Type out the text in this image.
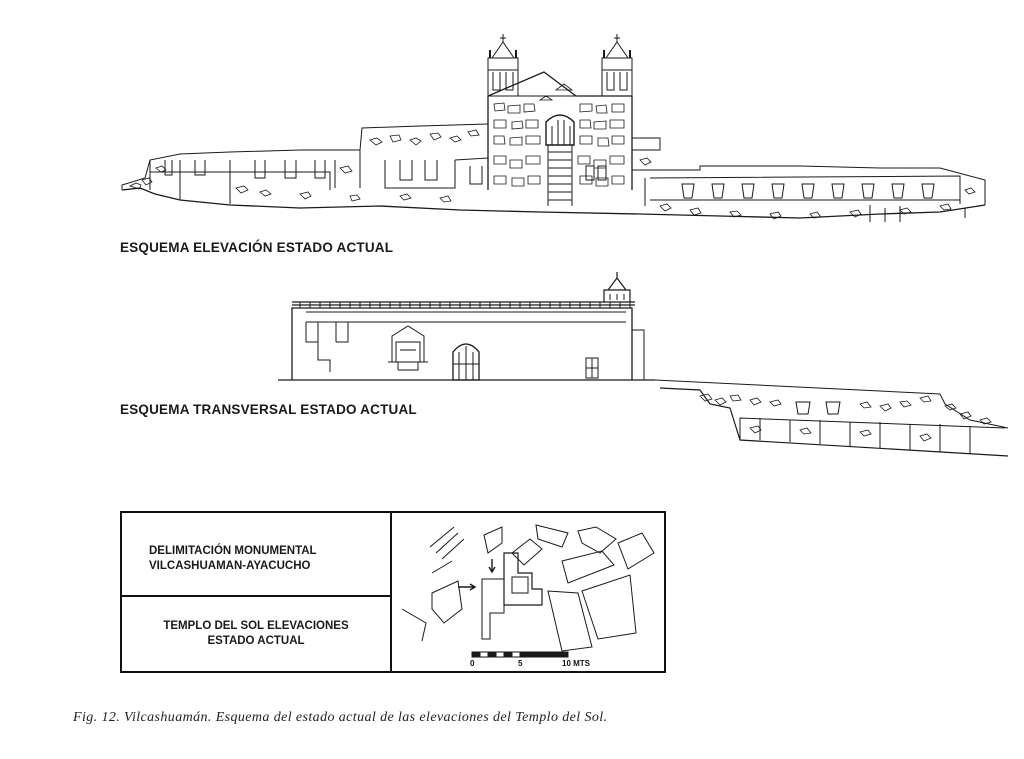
ESQUEMA ELEVACIÓN ESTADO ACTUAL
ESQUEMA TRANSVERSAL ESTADO ACTUAL
DELIMITACIÓN MONUMENTAL
VILCASHUAMAN-AYACUCHO
TEMPLO DEL SOL ELEVACIONES
ESTADO ACTUAL
0	5	10 MTS

Fig. 12. Vilcashuamán. Esquema del estado actual de las elevaciones del Templo del Sol.
